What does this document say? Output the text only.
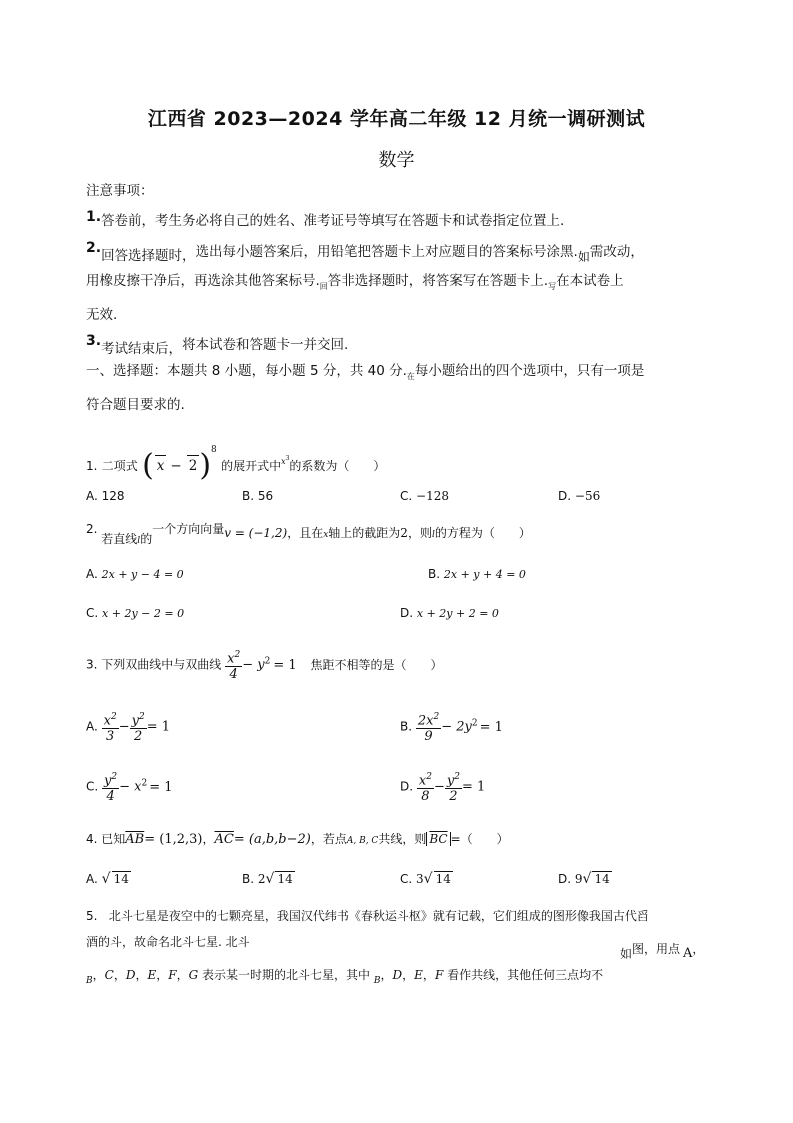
江西省 2023—2024 学年高二年级 12 月统一调研测试
数学
注意事项：
1.答卷前，考生务必将自己的姓名、准考证号等填写在答题卡和试卷指定位置上.
2.回答选择题时，选出每小题答案后，用铅笔把答题卡上对应题目的答案标号涂黑.如需改动，
用橡皮擦干净后，再选涂其他答案标号$._回$答非选择题时，将答案写在答题卡上$._写$在本试卷上
无效.
3.考试结束后，将本试卷和答题卡一并交回.
一、选择题：本题共 8 小题，每小题 5 分，共 40 分$._在$每小题给出的四个选项中，只有一项是
符合题目要求的.
1. 二项式 ( x − 2)$^8$ 的展开式中$^{x3}$的系数为（　　）
A. 128	B. 56	C. −128	D. −56
2. 若直线$_l$的一个方向向量v = (−1,2)，且在x轴上的截距为2，则l的方程为（　　）
A. 2x + y − 4 = 0	B. 2x + y + 4 = 0
C. x + 2y − 2 = 0	D. x + 2y + 2 = 0
3. 下列双曲线中与双曲线 $\frac{x^2}{4} - y^2 = 1$ 焦距不相等的是（　　）
A. $\frac{x^2}{3} - \frac{y^2}{2} = 1$	B. $\frac{2x^2}{9} - 2y^2 = 1$
C. $\frac{y^2}{4} - x^2 = 1$	D. $\frac{x^2}{8} - \frac{y^2}{2} = 1$
4. 已知$\overline{AB}= (1,2,3)$，$\overline{AC}= (a,b,b-2)$，若点A, B, C共线，则 $\overline{BC}$ =（　　）
A. √ 14	B. 2√ 14	C. 3√ 14	D. 9√ 14
5. 北斗七星是夜空中的七颗亮星，我国汉代纬书《春秋运斗枢》就有记载，它们组成的图形像我国古代舀
酒的斗，故命名北斗七星. 北斗
如图，用点 A，
$_B$，C，D，E，F，G 表示某一时期的北斗七星，其中 $_B$，D，E，F 看作共线，其他任何三点均不
